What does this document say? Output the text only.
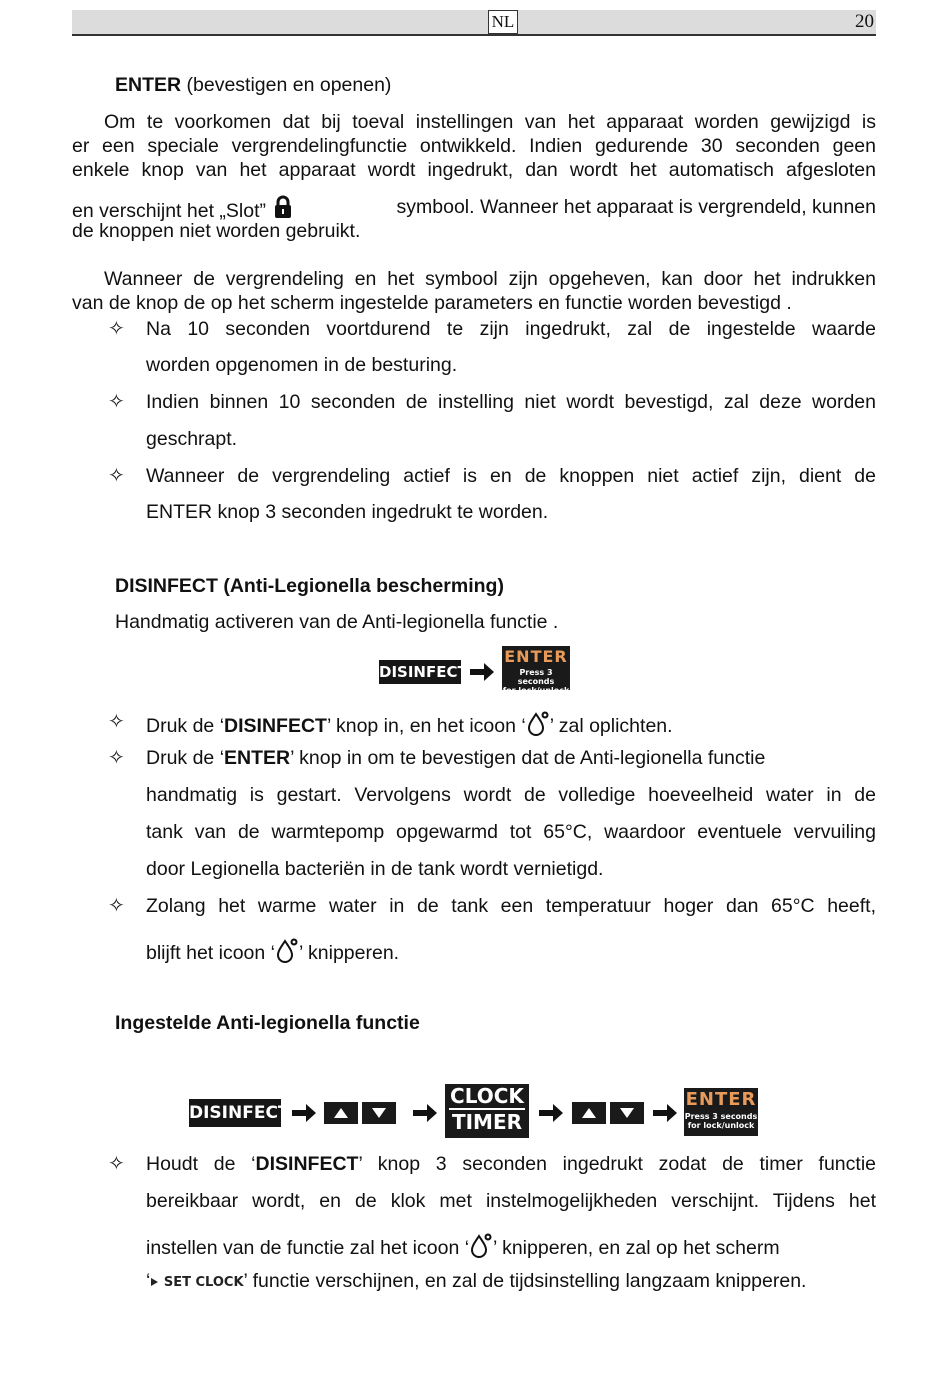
NL	20
ENTER (bevestigen en openen)
Om te voorkomen dat bij toeval instellingen van het apparaat worden gewijzigd is
er een speciale vergrendelingfunctie ontwikkeld. Indien gedurende 30 seconden geen
enkele knop van het apparaat wordt ingedrukt, dan wordt het automatisch afgesloten
en verschijnt het „Slot”	symbool. Wanneer het apparaat is vergrendeld, kunnen
de knoppen niet worden gebruikt.
Wanneer de vergrendeling en het symbool zijn opgeheven, kan door het indrukken
van de knop de op het scherm ingestelde parameters en functie worden bevestigd .
✧ Na 10 seconden voortdurend te zijn ingedrukt, zal de ingestelde waarde
worden opgenomen in de besturing.
✧ Indien binnen 10 seconden de instelling niet wordt bevestigd, zal deze worden
geschrapt.
✧ Wanneer de vergrendeling actief is en de knoppen niet actief zijn, dient de
ENTER knop 3 seconden ingedrukt te worden.
DISINFECT (Anti-Legionella bescherming)
Handmatig activeren van de Anti-legionella functie .
DISINFECT
ENTER
Press 3 seconds
for lock/unlock
✧ Druk de ‘DISINFECT’ knop in, en het icoon ‘ ’ zal oplichten.
✧ Druk de ‘ENTER’ knop in om te bevestigen dat de Anti-legionella functie
handmatig is gestart. Vervolgens wordt de volledige hoeveelheid water in de
tank van de warmtepomp opgewarmd tot 65°C, waardoor eventuele vervuiling
door Legionella bacteriën in de tank wordt vernietigd.
✧ Zolang het warme water in de tank een temperatuur hoger dan 65°C heeft,
blijft het icoon ‘ ’ knipperen.
Ingestelde Anti-legionella functie
DISINFECT
CLOCK
TIMER
ENTER
Press 3 seconds
for lock/unlock
✧ Houdt de ‘DISINFECT’ knop 3 seconden ingedrukt zodat de timer functie
bereikbaar wordt, en de klok met instelmogelijkheden verschijnt. Tijdens het
instellen van de functie zal het icoon ‘ ’ knipperen, en zal op het scherm
‘ SET CLOCK’ functie verschijnen, en zal de tijdsinstelling langzaam knipperen.
